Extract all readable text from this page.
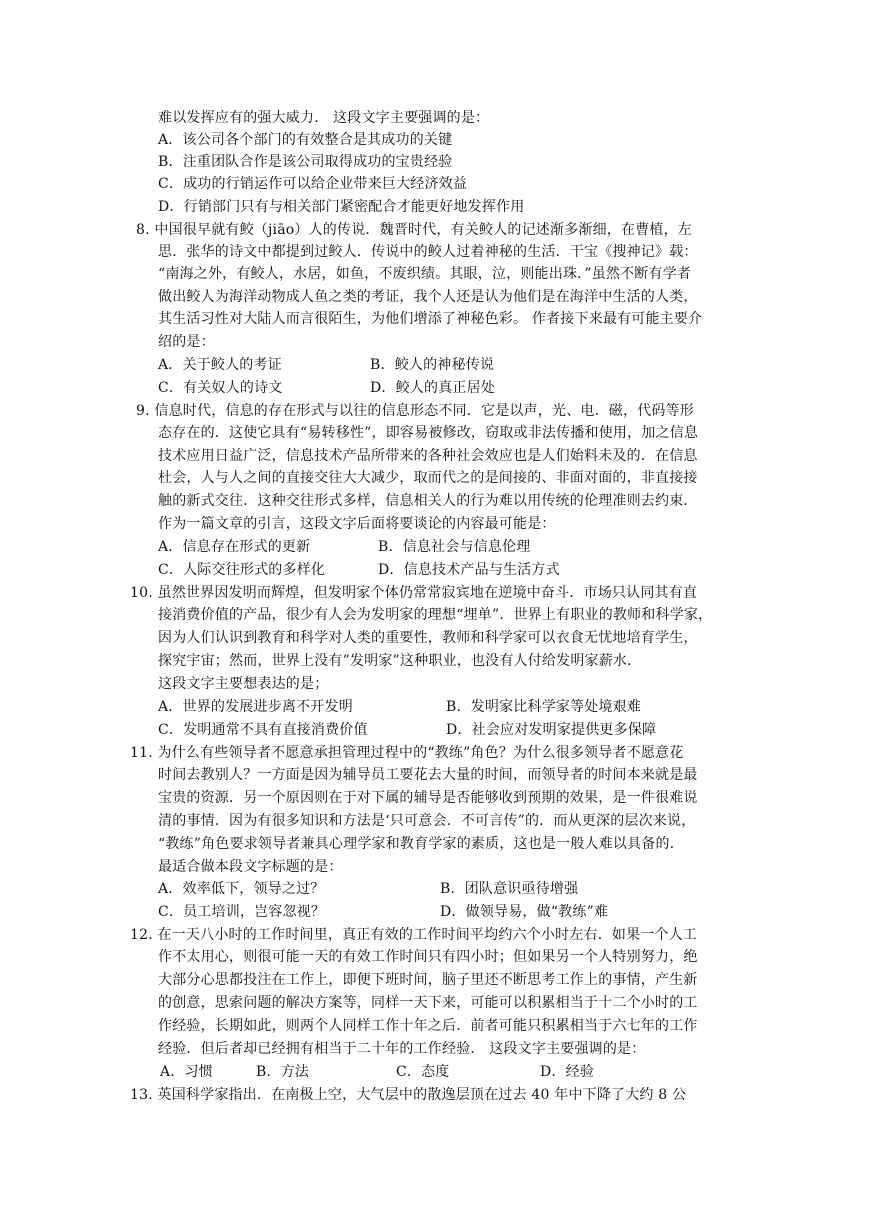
难以发挥应有的强大威力． 这段文字主要强调的是：
A．该公司各个部门的有效整合是其成功的关键
B．注重团队合作是该公司取得成功的宝贵经验
C．成功的行销运作可以给企业带来巨大经济效益
D．行销部门只有与相关部门紧密配合才能更好地发挥作用
8. 中国很早就有鲛（jiāo）人的传说．魏晋时代，有关鲛人的记述渐多渐细，在曹植，左
思．张华的诗文中都提到过鲛人．传说中的鲛人过着神秘的生活．干宝《搜神记》载：
“南海之外，有鲛人，水居，如鱼，不废织绩。其眼，泣，则能出珠．”虽然不断有学者
做出鲛人为海洋动物成人鱼之类的考证，我个人还是认为他们是在海洋中生活的人类，
其生活习性对大陆人而言很陌生，为他们增添了神秘色彩。 作者接下来最有可能主要介
绍的是：
A．关于鲛人的考证	B．鲛人的神秘传说
C．有关奴人的诗文	D．鲛人的真正居处
9. 信息时代，信息的存在形式与以往的信息形态不同．它是以声，光、电．磁，代码等形
态存在的．这使它具有“易转移性”，即容易被修改，窃取或非法传播和使用，加之信息
技术应用日益广泛，信息技术产品所带来的各种社会效应也是人们始料未及的．在信息
杜会，人与人之间的直接交往大大减少，取而代之的是间接的、非面对面的，非直接接
触的新式交往．这种交往形式多样，信息相关人的行为难以用传统的伦理准则去约束．
作为一篇文章的引言，这段文字后面将要谈论的内容最可能是：
A．信息存在形式的更新	B．信息社会与信息伦理
C．人际交往形式的多样化	D．信息技术产品与生活方式
10. 虽然世界因发明而辉煌，但发明家个体仍常常寂宾地在逆境中奋斗．市场只认同其有直
接消费价值的产品，很少有人会为发明家的理想“埋单”．世界上有职业的教师和科学家，
因为人们认识到教育和科学对人类的重要性，教师和科学家可以衣食无忧地培育学生，
探究宇宙；然而，世界上没有”发明家”这种职业，也没有人付给发明家薪水．
这段文字主要想表达的是；
A．世界的发展进步离不开发明	B．发明家比科学家等处境艰难
C．发明通常不具有直接消费价值	D．社会应对发明家提供更多保障
11. 为什么有些领导者不愿意承担管理过程中的“教练”角色？为什么很多领导者不愿意花
时间去教别人？一方面是因为辅导员工要花去大量的时间，而领导者的时间本来就是最
宝贵的资源．另一个原因则在于对下属的辅导是否能够收到预期的效果，是一件很难说
清的事情．因为有很多知识和方法是‘只可意会．不可言传”的．而从更深的层次来说，
“教练”角色要求领导者兼具心理学家和教育学家的素质，这也是一般人难以具备的．
最适合做本段文字标题的是：
A．效率低下，领导之过？	B．团队意识亟待增强
C．员工培训，岂容忽视？	D．做领导易，做“教练”难
12. 在一天八小时的工作时间里，真正有效的工作时间平均约六个小时左右．如果一个人工
作不太用心，则很可能一天的有效工作时间只有四小时；但如果另一个人特别努力，绝
大部分心思都投注在工作上，即便下班时间，脑子里还不断思考工作上的事情，产生新
的创意，思索问题的解决方案等，同样一天下来，可能可以积累相当于十二个小时的工
作经验，长期如此，则两个人同样工作十年之后．前者可能只积累相当于六七年的工作
经验．但后者却已经拥有相当于二十年的工作经验． 这段文字主要强调的是：
A．习惯	B．方法	C．态度	D．经验
13. 英国科学家指出．在南极上空，大气层中的散逸层顶在过去 40 年中下降了大约 8 公
